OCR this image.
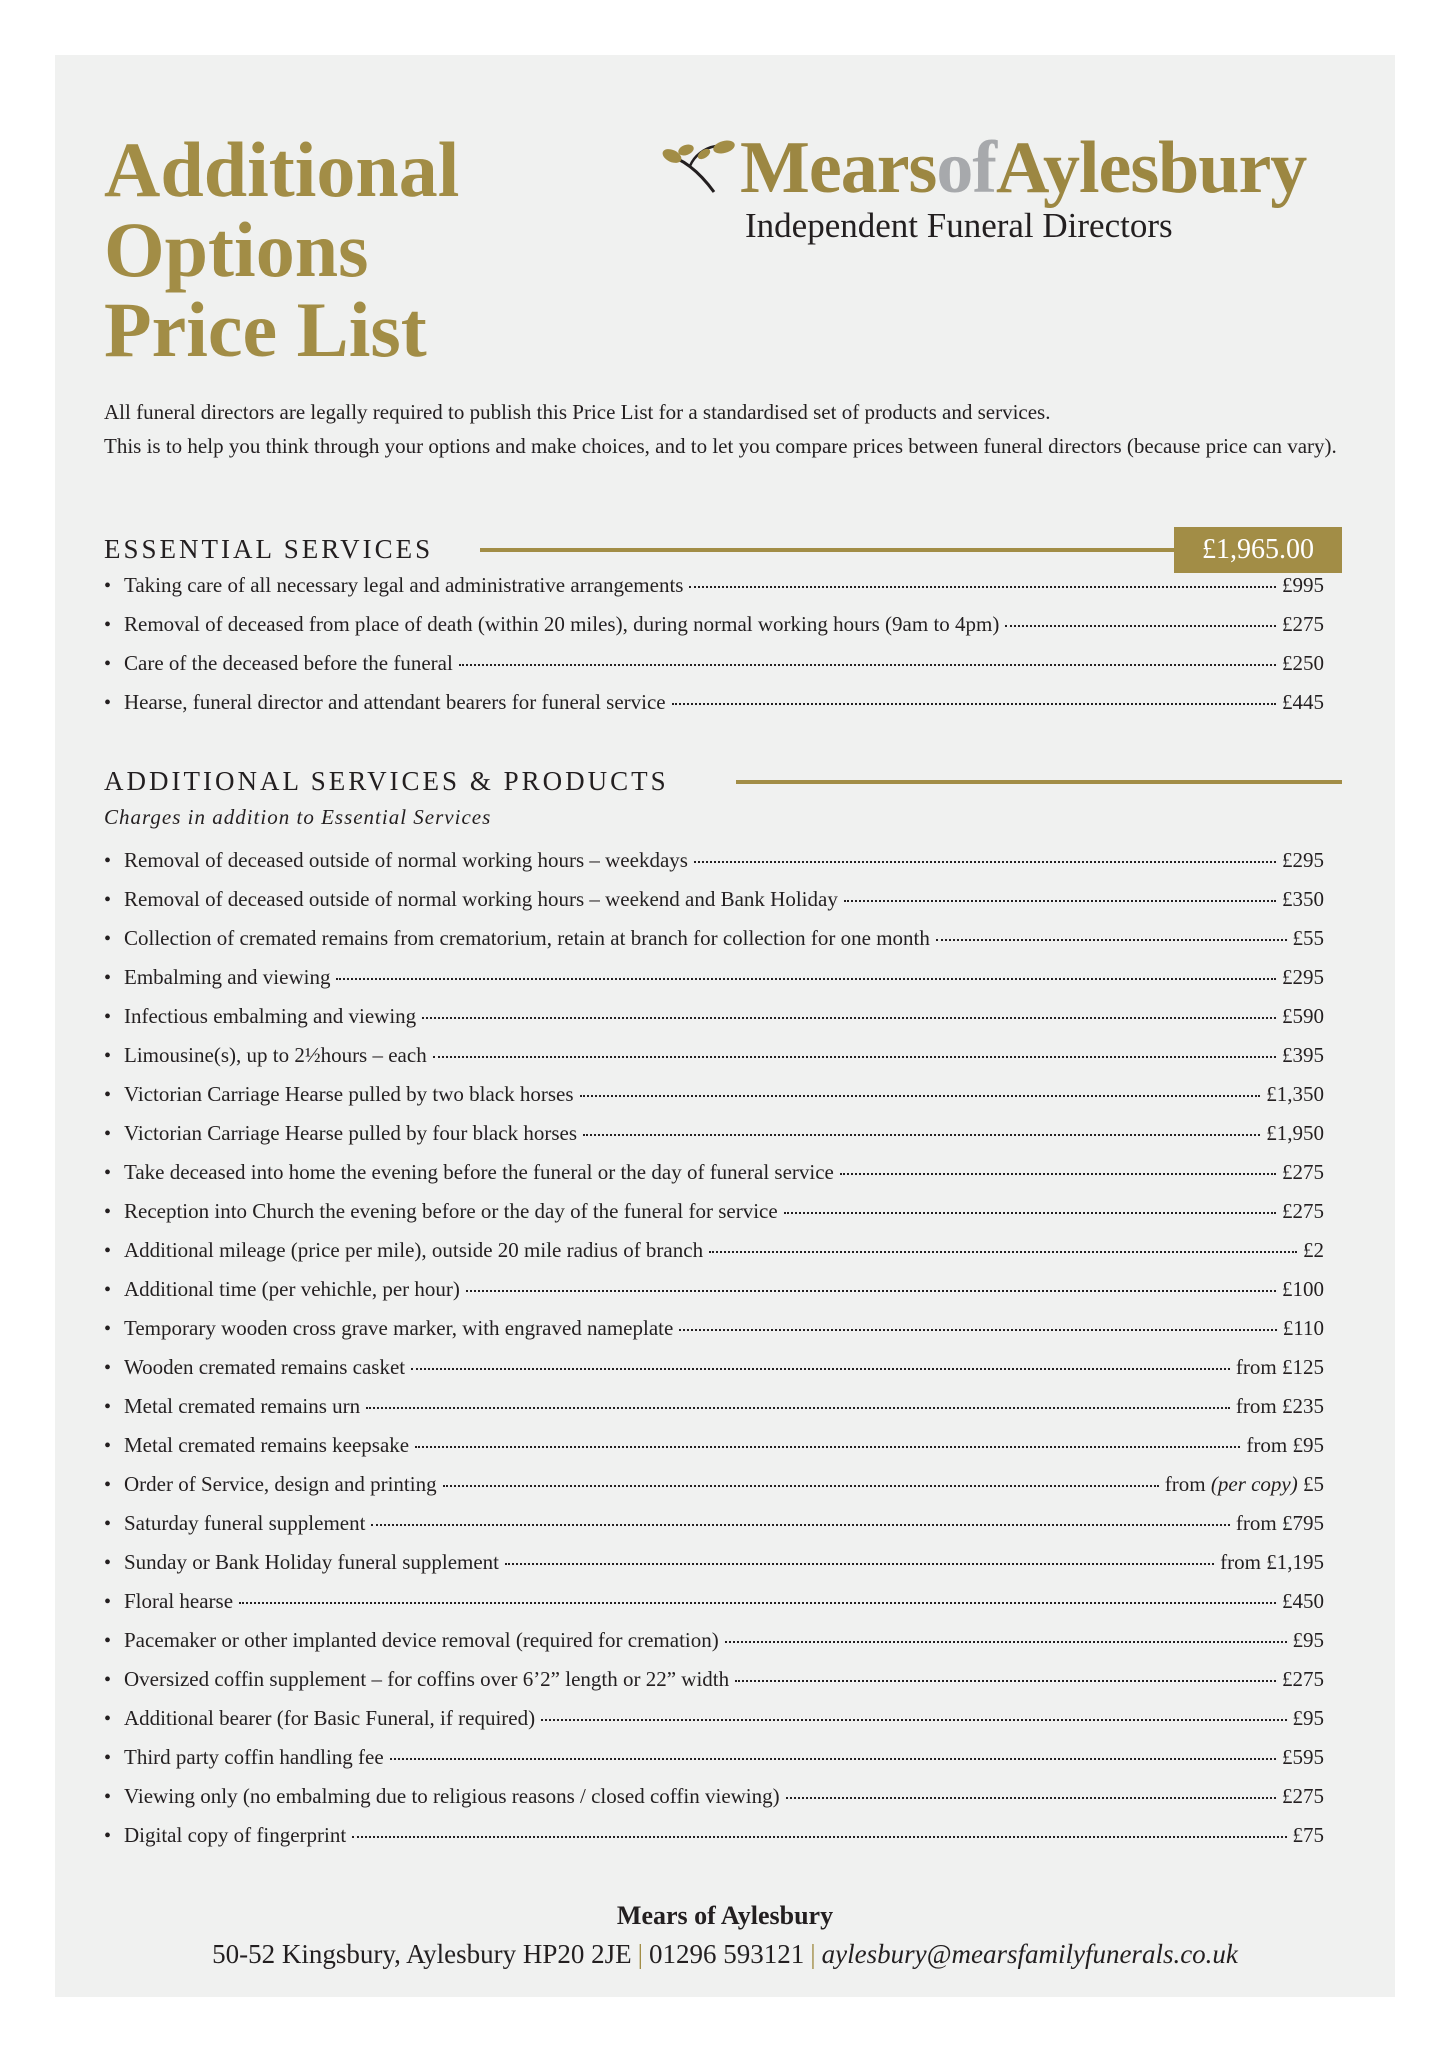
Additional
Options
Price List
MearsofAylesbury
Independent Funeral Directors
All funeral directors are legally required to publish this Price List for a standardised set of products and services.
This is to help you think through your options and make choices, and to let you compare prices between funeral directors (because price can vary).
ESSENTIAL SERVICES	£1,965.00
• Taking care of all necessary legal and administrative arrangements	£995
• Removal of deceased from place of death (within 20 miles), during normal working hours (9am to 4pm)	£275
• Care of the deceased before the funeral	£250
• Hearse, funeral director and attendant bearers for funeral service	£445
ADDITIONAL SERVICES & PRODUCTS
Charges in addition to Essential Services
• Removal of deceased outside of normal working hours – weekdays	£295
• Removal of deceased outside of normal working hours – weekend and Bank Holiday	£350
• Collection of cremated remains from crematorium, retain at branch for collection for one month	£55
• Embalming and viewing	£295
• Infectious embalming and viewing	£590
• Limousine(s), up to 2½hours – each	£395
• Victorian Carriage Hearse pulled by two black horses	£1,350
• Victorian Carriage Hearse pulled by four black horses	£1,950
• Take deceased into home the evening before the funeral or the day of funeral service	£275
• Reception into Church the evening before or the day of the funeral for service	£275
• Additional mileage (price per mile), outside 20 mile radius of branch	£2
• Additional time (per vehichle, per hour)	£100
• Temporary wooden cross grave marker, with engraved nameplate	£110
• Wooden cremated remains casket	from £125
• Metal cremated remains urn	from £235
• Metal cremated remains keepsake	from £95
• Order of Service, design and printing	from (per copy) £5
• Saturday funeral supplement	from £795
• Sunday or Bank Holiday funeral supplement	from £1,195
• Floral hearse	£450
• Pacemaker or other implanted device removal (required for cremation)	£95
• Oversized coffin supplement – for coffins over 6’2” length or 22” width	£275
• Additional bearer (for Basic Funeral, if required)	£95
• Third party coffin handling fee	£595
• Viewing only (no embalming due to religious reasons / closed coffin viewing)	£275
• Digital copy of fingerprint	£75
Mears of Aylesbury
50-52 Kingsbury, Aylesbury HP20 2JE | 01296 593121 | aylesbury@mearsfamilyfunerals.co.uk
